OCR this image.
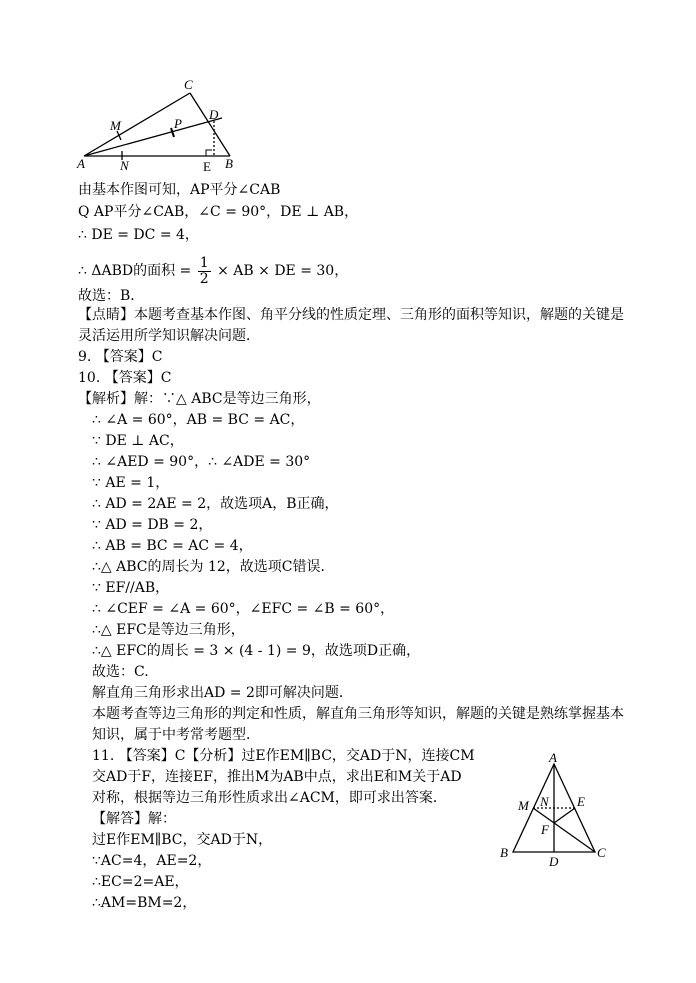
C
M	P
D
A	N	E B
由基本作图可知，AP平分∠CAB
Q AP平分∠CAB，∠C = 90°，DE ⊥ AB，
∴ DE = DC = 4，
∴ ΔABD的面积 = $\frac{1}{2}$ × AB × DE = 30，
故选：B．
【点睛】本题考查基本作图、角平分线的性质定理、三角形的面积等知识，解题的关键是
灵活运用所学知识解决问题．
9. 【答案】C
10. 【答案】C
【解析】解：∵△ ABC是等边三角形，
∴ ∠A = 60°，AB = BC = AC，
∵ DE ⊥ AC，
∴ ∠AED = 90°，∴ ∠ADE = 30°
∵ AE = 1，
∴ AD = 2AE = 2，故选项A，B正确，
∵ AD = DB = 2，
∴ AB = BC = AC = 4，
∴△ ABC的周长为 12，故选项C错误．
∵ EF//AB，
∴ ∠CEF = ∠A = 60°，∠EFC = ∠B = 60°，
∴△ EFC是等边三角形，
∴△ EFC的周长 = 3 × (4 - 1) = 9，故选项D正确，
故选：C.
解直角三角形求出AD = 2即可解决问题．
本题考查等边三角形的判定和性质，解直角三角形等知识，解题的关键是熟练掌握基本
知识，属于中考常考题型．
11. 【答案】C【分析】过E作EM∥BC，交AD于N，连接CM
交AD于F，连接EF，推出M为AB中点，求出E和M关于AD
对称，根据等边三角形性质求出∠ACM，即可求出答案．
【解答】解：
过E作EM∥BC，交AD于N，
∵AC=4，AE=2，
∴EC=2=AE，
∴AM=BM=2，
A
M N E
F
B
D
C
